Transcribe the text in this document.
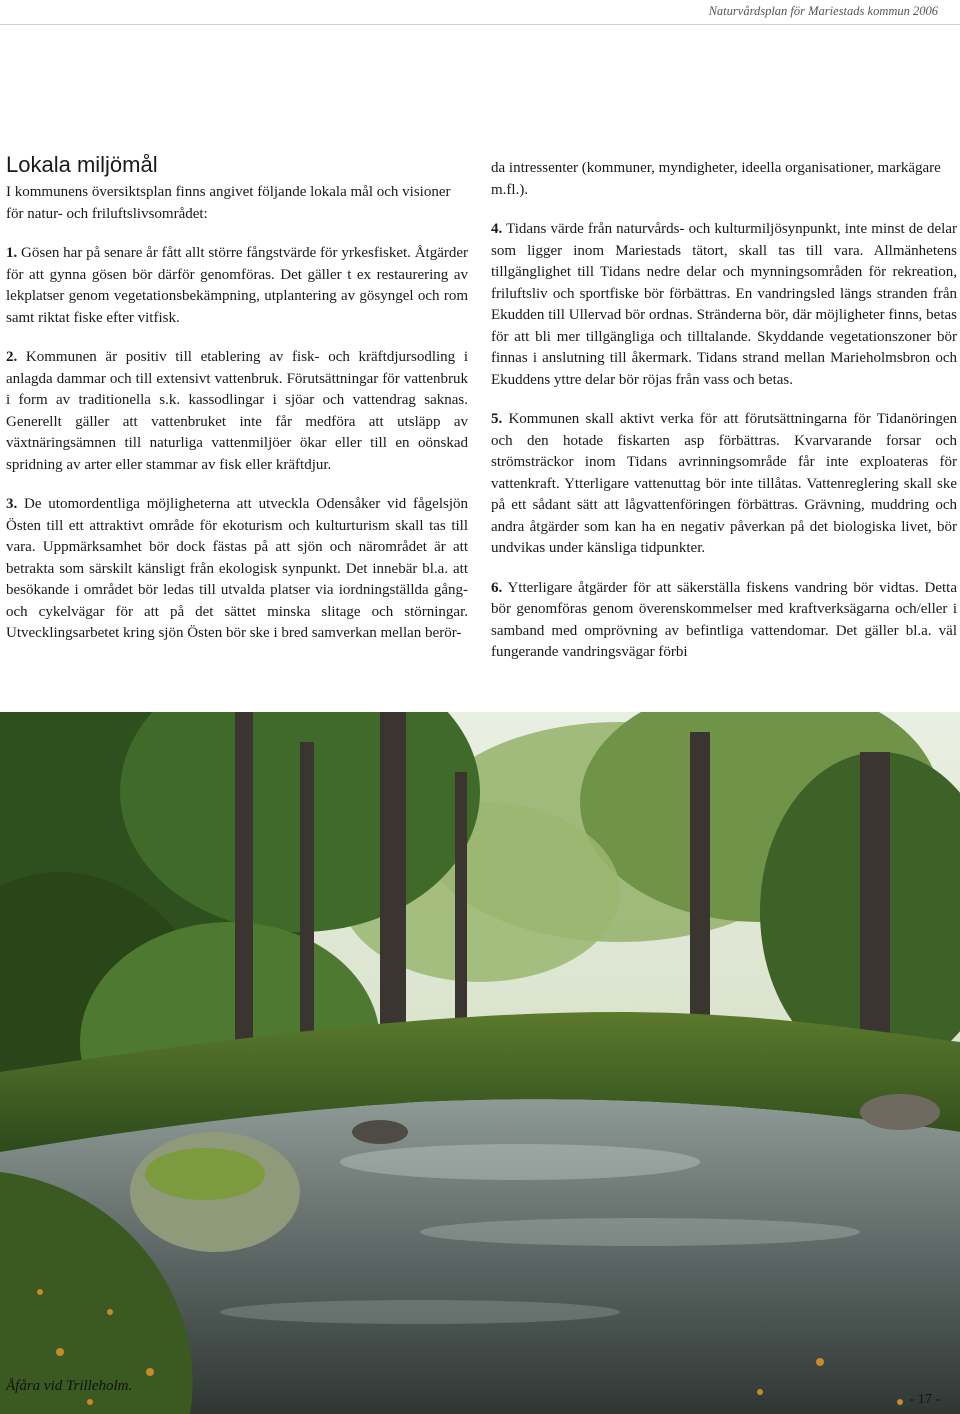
Naturvårdsplan för Mariestads kommun 2006
Lokala miljömål

I kommunens översiktsplan finns angivet följande lokala mål och visioner för natur- och friluftslivsområdet:

1. Gösen har på senare år fått allt större fångstvärde för yrkesfisket. Åtgärder för att gynna gösen bör därför genomföras. Det gäller t ex restaurering av lekplatser genom vegetationsbekämpning, utplantering av gösyngel och rom samt riktat fiske efter vitfisk.

2. Kommunen är positiv till etablering av fisk- och kräftdjursodling i anlagda dammar och till extensivt vattenbruk. Förutsättningar för vattenbruk i form av traditionella s.k. kassodlingar i sjöar och vattendrag saknas. Generellt gäller att vattenbruket inte får medföra att utsläpp av växtnäringsämnen till naturliga vattenmiljöer ökar eller till en oönskad spridning av arter eller stammar av fisk eller kräftdjur.

3. De utomordentliga möjligheterna att utveckla Odensåker vid fågelsjön Östen till ett attraktivt område för ekoturism och kulturturism skall tas till vara. Uppmärksamhet bör dock fästas på att sjön och närområdet är att betrakta som särskilt känsligt från ekologisk synpunkt. Det innebär bl.a. att besökande i området bör ledas till utvalda platser via iordningställda gång- och cykelvägar för att på det sättet minska slitage och störningar. Utvecklingsarbetet kring sjön Östen bör ske i bred samverkan mellan berör-

da intressenter (kommuner, myndigheter, ideella organisationer, markägare m.fl.).

4. Tidans värde från naturvårds- och kulturmiljösynpunkt, inte minst de delar som ligger inom Mariestads tätort, skall tas till vara. Allmänhetens tillgänglighet till Tidans nedre delar och mynningsområden för rekreation, friluftsliv och sportfiske bör förbättras. En vandringsled längs stranden från Ekudden till Ullervad bör ordnas. Stränderna bör, där möjligheter finns, betas för att bli mer tillgängliga och tilltalande. Skyddande vegetationszoner bör finnas i anslutning till åkermark. Tidans strand mellan Marieholmsbron och Ekuddens yttre delar bör röjas från vass och betas.

5. Kommunen skall aktivt verka för att förutsättningarna för Tidanöringen och den hotade fiskarten asp förbättras. Kvarvarande forsar och strömsträckor inom Tidans avrinningsområde får inte exploateras för vattenkraft. Ytterligare vattenuttag bör inte tillåtas. Vattenreglering skall ske på ett sådant sätt att lågvattenföringen förbättras. Grävning, muddring och andra åtgärder som kan ha en negativ påverkan på det biologiska livet, bör undvikas under känsliga tidpunkter.

6. Ytterligare åtgärder för att säkerställa fiskens vandring bör vidtas. Detta bör genomföras genom överenskommelser med kraftverksägarna och/eller i samband med omprövning av befintliga vattendomar. Det gäller bl.a. väl fungerande vandringsvägar förbi

Åfåra vid Trilleholm.
- 17 -
